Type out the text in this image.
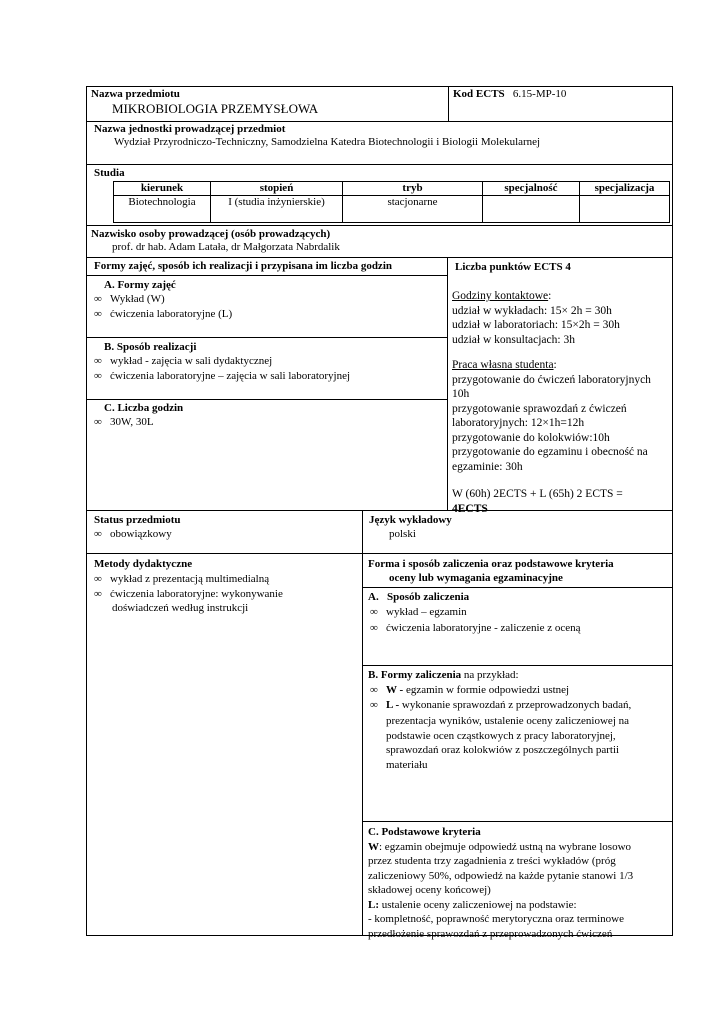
Nazwa przedmiotu
MIKROBIOLOGIA PRZEMYSŁOWA
Kod ECTS 6.15-MP-10
Nazwa jednostki prowadzącej przedmiot
Wydział Przyrodniczo-Techniczny, Samodzielna Katedra Biotechnologii i Biologii Molekularnej
Studia
kierunek	stopień	tryb	specjalność	specjalizacja
Biotechnologia	I (studia inżynierskie)	stacjonarne		
Nazwisko osoby prowadzącej (osób prowadzących)
prof. dr hab. Adam Latała, dr Małgorzata Nabrdalik
Formy zajęć, sposób ich realizacji i przypisana im liczba godzin
A. Formy zajęć
∞ Wykład (W)
∞ ćwiczenia laboratoryjne (L)
B. Sposób realizacji
∞ wykład - zajęcia w sali dydaktycznej
∞ ćwiczenia laboratoryjne – zajęcia w sali laboratoryjnej
C. Liczba godzin
∞ 30W, 30L
Liczba punktów ECTS 4
Godziny kontaktowe:
udział w wykładach: 15× 2h = 30h
udział w laboratoriach: 15×2h = 30h
udział w konsultacjach: 3h
Praca własna studenta:
przygotowanie do ćwiczeń laboratoryjnych
10h
przygotowanie sprawozdań z ćwiczeń
laboratoryjnych: 12×1h=12h
przygotowanie do kolokwiów:10h
przygotowanie do egzaminu i obecność na
egzaminie: 30h
W (60h) 2ECTS + L (65h) 2 ECTS =
4ECTS
Status przedmiotu
∞ obowiązkowy
Język wykładowy
polski
Metody dydaktyczne
∞ wykład z prezentacją multimedialną
∞ ćwiczenia laboratoryjne: wykonywanie
doświadczeń według instrukcji
Forma i sposób zaliczenia oraz podstawowe kryteria
oceny lub wymagania egzaminacyjne
A. Sposób zaliczenia
∞ wykład – egzamin
∞ ćwiczenia laboratoryjne - zaliczenie z oceną
B. Formy zaliczenia na przykład:
∞ W - egzamin w formie odpowiedzi ustnej
∞ L - wykonanie sprawozdań z przeprowadzonych badań,
prezentacja wyników, ustalenie oceny zaliczeniowej na
podstawie ocen cząstkowych z pracy laboratoryjnej,
sprawozdań oraz kolokwiów z poszczególnych partii
materiału
C. Podstawowe kryteria
W: egzamin obejmuje odpowiedź ustną na wybrane losowo
przez studenta trzy zagadnienia z treści wykładów (próg
zaliczeniowy 50%, odpowiedź na każde pytanie stanowi 1/3
składowej oceny końcowej)
L: ustalenie oceny zaliczeniowej na podstawie:
- kompletność, poprawność merytoryczna oraz terminowe
przedłożenie sprawozdań z przeprowadzonych ćwiczeń
